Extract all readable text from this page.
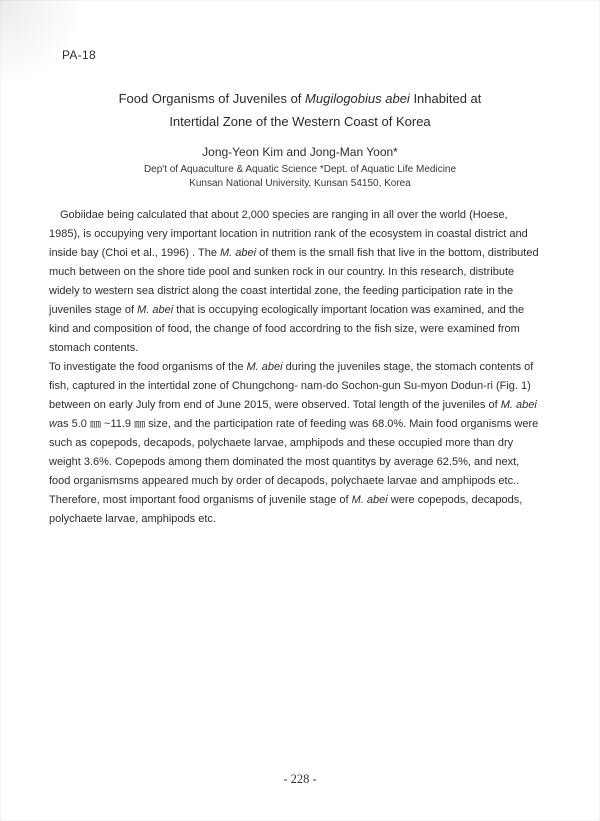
PA-18
Food Organisms of Juveniles of Mugilogobius abei Inhabited at
Intertidal Zone of the Western Coast of Korea
Jong-Yeon Kim and Jong-Man Yoon*
Dep't of Aquaculture & Aquatic Science *Dept. of Aquatic Life Medicine
Kunsan National University, Kunsan 54150, Korea

Gobiidae being calculated that about 2,000 species are ranging in all over the world (Hoese, 1985), is occupying very important location in nutrition rank of the ecosystem in coastal district and inside bay (Choi et al., 1996) . The M. abei of them is the small fish that live in the bottom, distributed much between on the shore tide pool and sunken rock in our country. In this research, distribute widely to western sea district along the coast intertidal zone, the feeding participation rate in the juveniles stage of M. abei that is occupying ecologically important location was examined, and the kind and composition of food, the change of food accordring to the fish size, were examined from stomach contents.

To investigate the food organisms of the M. abei during the juveniles stage, the stomach contents of fish, captured in the intertidal zone of Chungchong- nam-do Sochon-gun Su-myon Dodun-ri (Fig. 1) between on early July from end of June 2015, were observed. Total length of the juveniles of M. abei was 5.0 ㎜ ~11.9 ㎜ size, and the participation rate of feeding was 68.0%. Main food organisms were such as copepods, decapods, polychaete larvae, amphipods and these occupied more than dry weight 3.6%. Copepods among them dominated the most quantitys by average 62.5%, and next, food organismsms appeared much by order of decapods, polychaete larvae and amphipods etc..

Therefore, most important food organisms of juvenile stage of M. abei were copepods, decapods, polychaete larvae, amphipods etc.

- 228 -
